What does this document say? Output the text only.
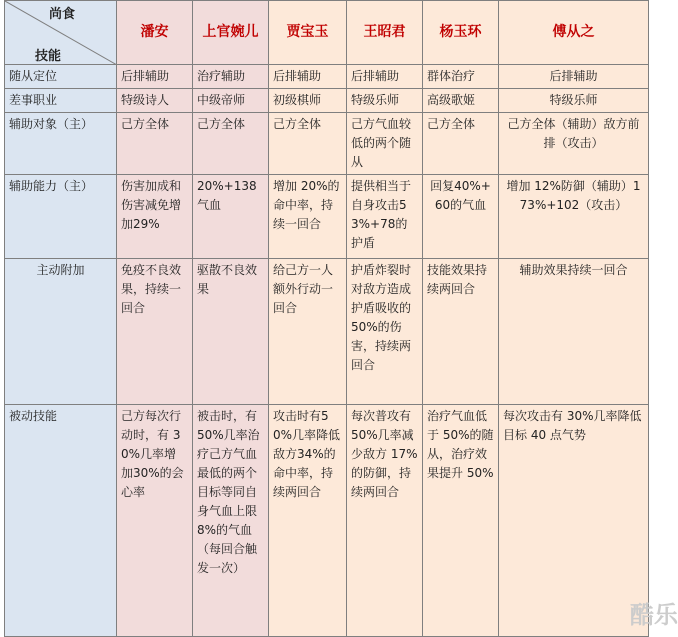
尚食
技能	潘安	上官婉儿	贾宝玉	王昭君	杨玉环	傅从之
随从定位	后排辅助	治疗辅助	后排辅助	后排辅助	群体治疗	后排辅助
差事职业	特级诗人	中级帝师	初级棋师	特级乐师	高级歌姬	特级乐师
辅助对象（主）	己方全体	己方全体	己方全体	己方气血较低的两个随从	己方全体	己方全体（辅助）敌方前排（攻击）
辅助能力（主）	伤害加成和伤害减免增加29%	20%+138气血	增加 20%的命中率，持续一回合	提供相当于自身攻击53%+78的护盾	回复40%+60的气血	增加 12%防御（辅助）173%+102（攻击）
主动附加	免疫不良效果，持续一回合	驱散不良效果	给己方一人额外行动一回合	护盾炸裂时对敌方造成护盾吸收的50%的伤害，持续两回合	技能效果持续两回合	辅助效果持续一回合
被动技能	己方每次行动时，有 30%几率增加30%的会心率	被击时，有 50%几率治疗己方气血最低的两个目标等同自身气血上限 8%的气血（每回合触发一次）	攻击时有50%几率降低敌方34%的命中率，持续两回合	每次普攻有 50%几率减少敌方 17%的防御，持续两回合	治疗气血低于 50%的随从，治疗效果提升 50%	每次攻击有 30%几率降低目标 40 点气势
酷乐
